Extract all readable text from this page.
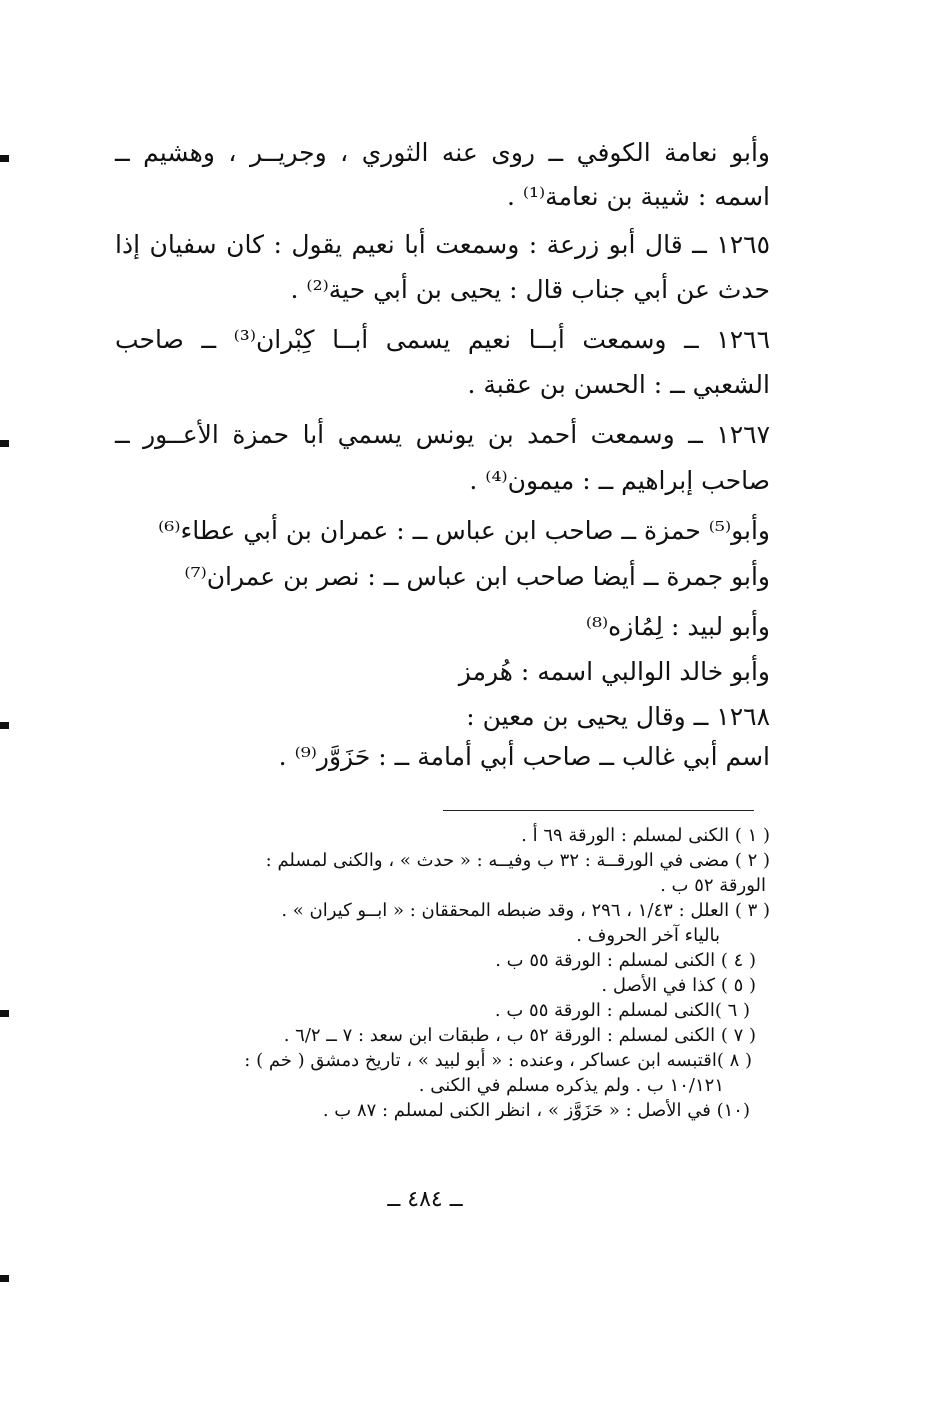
وأبو نعامة الكوفي ــ روى عنه الثوري ، وجريــر ، وهشيم ــ
اسمه : شيبة بن نعامة⁽¹⁾ .
١٢٦٥ ــ قال أبو زرعة : وسمعت أبا نعيم يقول : كان سفيان إذا
حدث عن أبي جناب قال : يحيى بن أبي حية⁽²⁾ .
١٢٦٦ ــ وسمعت أبــا نعيم يسمى أبــا كِبْران⁽³⁾ ــ صاحب
الشعبي ــ : الحسن بن عقبة .
١٢٦٧ ــ وسمعت أحمد بن يونس يسمي أبا حمزة الأعــور ــ
صاحب إبراهيم ــ : ميمون⁽⁴⁾ .
وأبو⁽⁵⁾ حمزة ــ صاحب ابن عباس ــ : عمران بن أبي عطاء⁽⁶⁾
وأبو جمرة ــ أيضا صاحب ابن عباس ــ : نصر بن عمران⁽⁷⁾
وأبو لبيد : لِمُازه⁽⁸⁾
وأبو خالد الوالبي اسمه : هُرمز
١٢٦٨ ــ وقال يحيى بن معين :
اسم أبي غالب ــ صاحب أبي أمامة ــ : حَزَوَّر⁽⁹⁾ .
( ١ ) الكنى لمسلم : الورقة ٦٩ أ .
( ٢ ) مضى في الورقــة : ٣٢ ب وفيــه : « حدث » ، والكنى لمسلم :
الورقة ٥٢ ب .
( ٣ ) العلل : ١/٤٣ ، ٢٩٦ ، وقد ضبطه المحققان : « ابــو كيران » .
بالياء آخر الحروف .
( ٤ ) الكنى لمسلم : الورقة ٥٥ ب .
( ٥ ) كذا في الأصل .
( ٦ )الكنى لمسلم : الورقة ٥٥ ب .
( ٧ ) الكنى لمسلم : الورقة ٥٢ ب ، طبقات ابن سعد : ٧ ــ ٦/٢ .
( ٨ )اقتبسه ابن عساكر ، وعنده : « أبو لبيد » ، تاريخ دمشق ( خم ) :
١٠/١٢١ ب . ولم يذكره مسلم في الكنى .
(١٠) في الأصل : « حَزَوَّز » ، انظر الكنى لمسلم : ٨٧ ب .
ــ ٤٨٤ ــ
